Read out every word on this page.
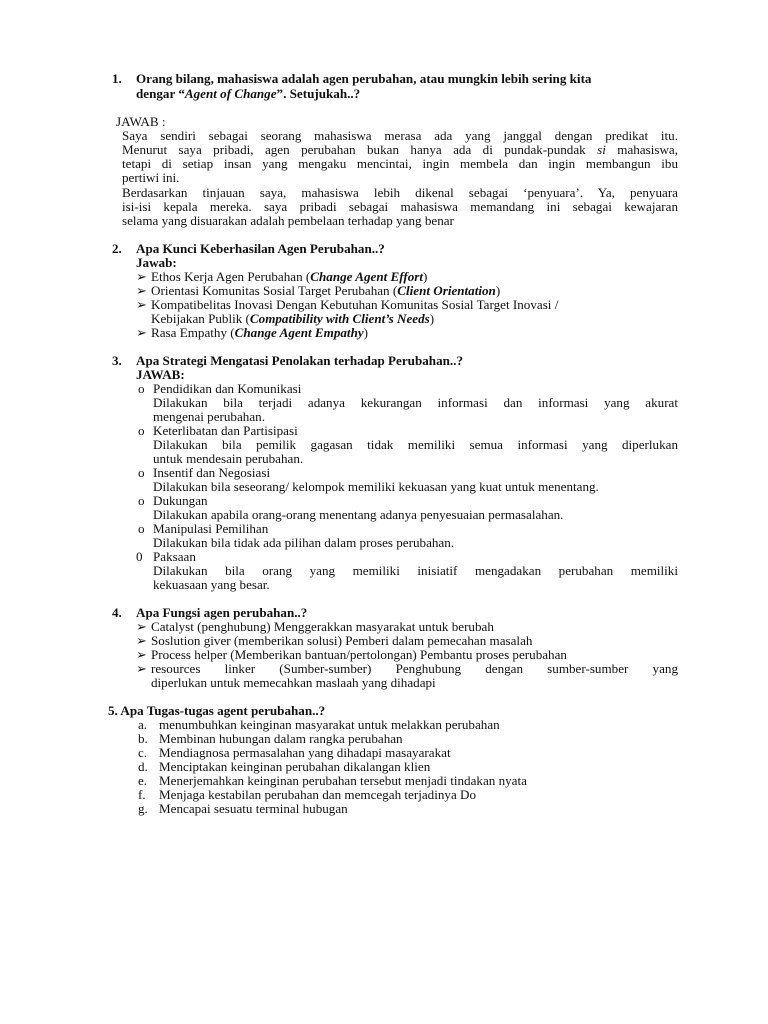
1. Orang bilang, mahasiswa adalah agen perubahan, atau mungkin lebih sering kita
dengar “Agent of Change”. Setujukah..?
JAWAB :
Saya sendiri sebagai seorang mahasiswa merasa ada yang janggal dengan predikat itu.
Menurut saya pribadi, agen perubahan bukan hanya ada di pundak-pundak si mahasiswa,
tetapi di setiap insan yang mengaku mencintai, ingin membela dan ingin membangun ibu
pertiwi ini.
Berdasarkan tinjauan saya, mahasiswa lebih dikenal sebagai ‘penyuara’. Ya, penyuara
isi-isi kepala mereka. saya pribadi sebagai mahasiswa memandang ini sebagai kewajaran
selama yang disuarakan adalah pembelaan terhadap yang benar
2. Apa Kunci Keberhasilan Agen Perubahan..?
Jawab:
➢ Ethos Kerja Agen Perubahan (Change Agent Effort)
➢ Orientasi Komunitas Sosial Target Perubahan (Client Orientation)
➢ Kompatibelitas Inovasi Dengan Kebutuhan Komunitas Sosial Target Inovasi /
Kebijakan Publik (Compatibility with Client’s Needs)
➢ Rasa Empathy (Change Agent Empathy)
3. Apa Strategi Mengatasi Penolakan terhadap Perubahan..?
JAWAB:
o Pendidikan dan Komunikasi
Dilakukan bila terjadi adanya kekurangan informasi dan informasi yang akurat
mengenai perubahan.
o Keterlibatan dan Partisipasi
Dilakukan bila pemilik gagasan tidak memiliki semua informasi yang diperlukan
untuk mendesain perubahan.
o Insentif dan Negosiasi
Dilakukan bila seseorang/ kelompok memiliki kekuasan yang kuat untuk menentang.
o Dukungan
Dilakukan apabila orang-orang menentang adanya penyesuaian permasalahan.
o Manipulasi Pemilihan
Dilakukan bila tidak ada pilihan dalam proses perubahan.
0 Paksaan
Dilakukan bila orang yang memiliki inisiatif mengadakan perubahan memiliki
kekuasaan yang besar.
4. Apa Fungsi agen perubahan..?
➢ Catalyst (penghubung) Menggerakkan masyarakat untuk berubah
➢ Soslution giver (memberikan solusi) Pemberi dalam pemecahan masalah
➢ Process helper (Memberikan bantuan/pertolongan) Pembantu proses perubahan
➢ resources linker (Sumber-sumber) Penghubung dengan sumber-sumber yang
diperlukan untuk memecahkan maslaah yang dihadapi
5. Apa Tugas-tugas agent perubahan..?
a. menumbuhkan keinginan masyarakat untuk melakkan perubahan
b. Membinan hubungan dalam rangka perubahan
c. Mendiagnosa permasalahan yang dihadapi masayarakat
d. Menciptakan keinginan perubahan dikalangan klien
e. Menerjemahkan keinginan perubahan tersebut menjadi tindakan nyata
f. Menjaga kestabilan perubahan dan memcegah terjadinya Do
g. Mencapai sesuatu terminal hubugan
